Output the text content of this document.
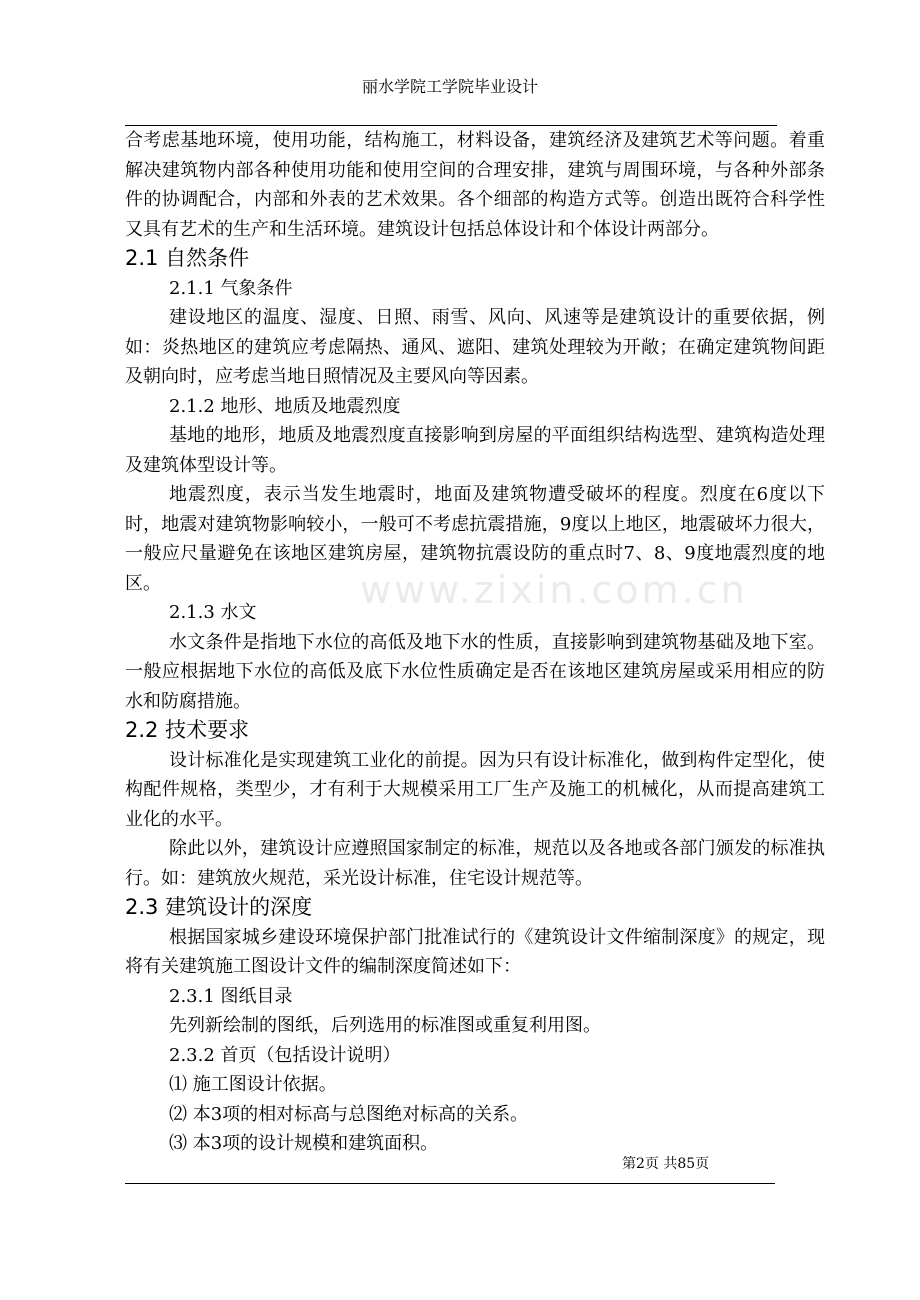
丽水学院工学院毕业设计
www.zixin.com.cn

合考虑基地环境，使用功能，结构施工，材料设备，建筑经济及建筑艺术等问题。着重解决建筑物内部各种使用功能和使用空间的合理安排，建筑与周围环境，与各种外部条件的协调配合，内部和外表的艺术效果。各个细部的构造方式等。创造出既符合科学性又具有艺术的生产和生活环境。建筑设计包括总体设计和个体设计两部分。

2.1 自然条件

2.1.1 气象条件

建设地区的温度、湿度、日照、雨雪、风向、风速等是建筑设计的重要依据，例如：炎热地区的建筑应考虑隔热、通风、遮阳、建筑处理较为开敞；在确定建筑物间距及朝向时，应考虑当地日照情况及主要风向等因素。

2.1.2 地形、地质及地震烈度

基地的地形，地质及地震烈度直接影响到房屋的平面组织结构选型、建筑构造处理及建筑体型设计等。

地震烈度，表示当发生地震时，地面及建筑物遭受破坏的程度。烈度在6度以下时，地震对建筑物影响较小，一般可不考虑抗震措施，9度以上地区，地震破坏力很大，一般应尺量避免在该地区建筑房屋，建筑物抗震设防的重点时7、8、9度地震烈度的地区。

2.1.3 水文

水文条件是指地下水位的高低及地下水的性质，直接影响到建筑物基础及地下室。一般应根据地下水位的高低及底下水位性质确定是否在该地区建筑房屋或采用相应的防水和防腐措施。

2.2 技术要求

设计标准化是实现建筑工业化的前提。因为只有设计标准化，做到构件定型化，使构配件规格，类型少，才有利于大规模采用工厂生产及施工的机械化，从而提高建筑工业化的水平。

除此以外，建筑设计应遵照国家制定的标准，规范以及各地或各部门颁发的标准执行。如：建筑放火规范，采光设计标准，住宅设计规范等。

2.3 建筑设计的深度

根据国家城乡建设环境保护部门批准试行的《建筑设计文件缩制深度》的规定，现将有关建筑施工图设计文件的编制深度简述如下：

2.3.1 图纸目录

先列新绘制的图纸，后列选用的标准图或重复利用图。

2.3.2 首页（包括设计说明）

⑴ 施工图设计依据。

⑵ 本3项的相对标高与总图绝对标高的关系。

⑶ 本3项的设计规模和建筑面积。

第2页 共85页
